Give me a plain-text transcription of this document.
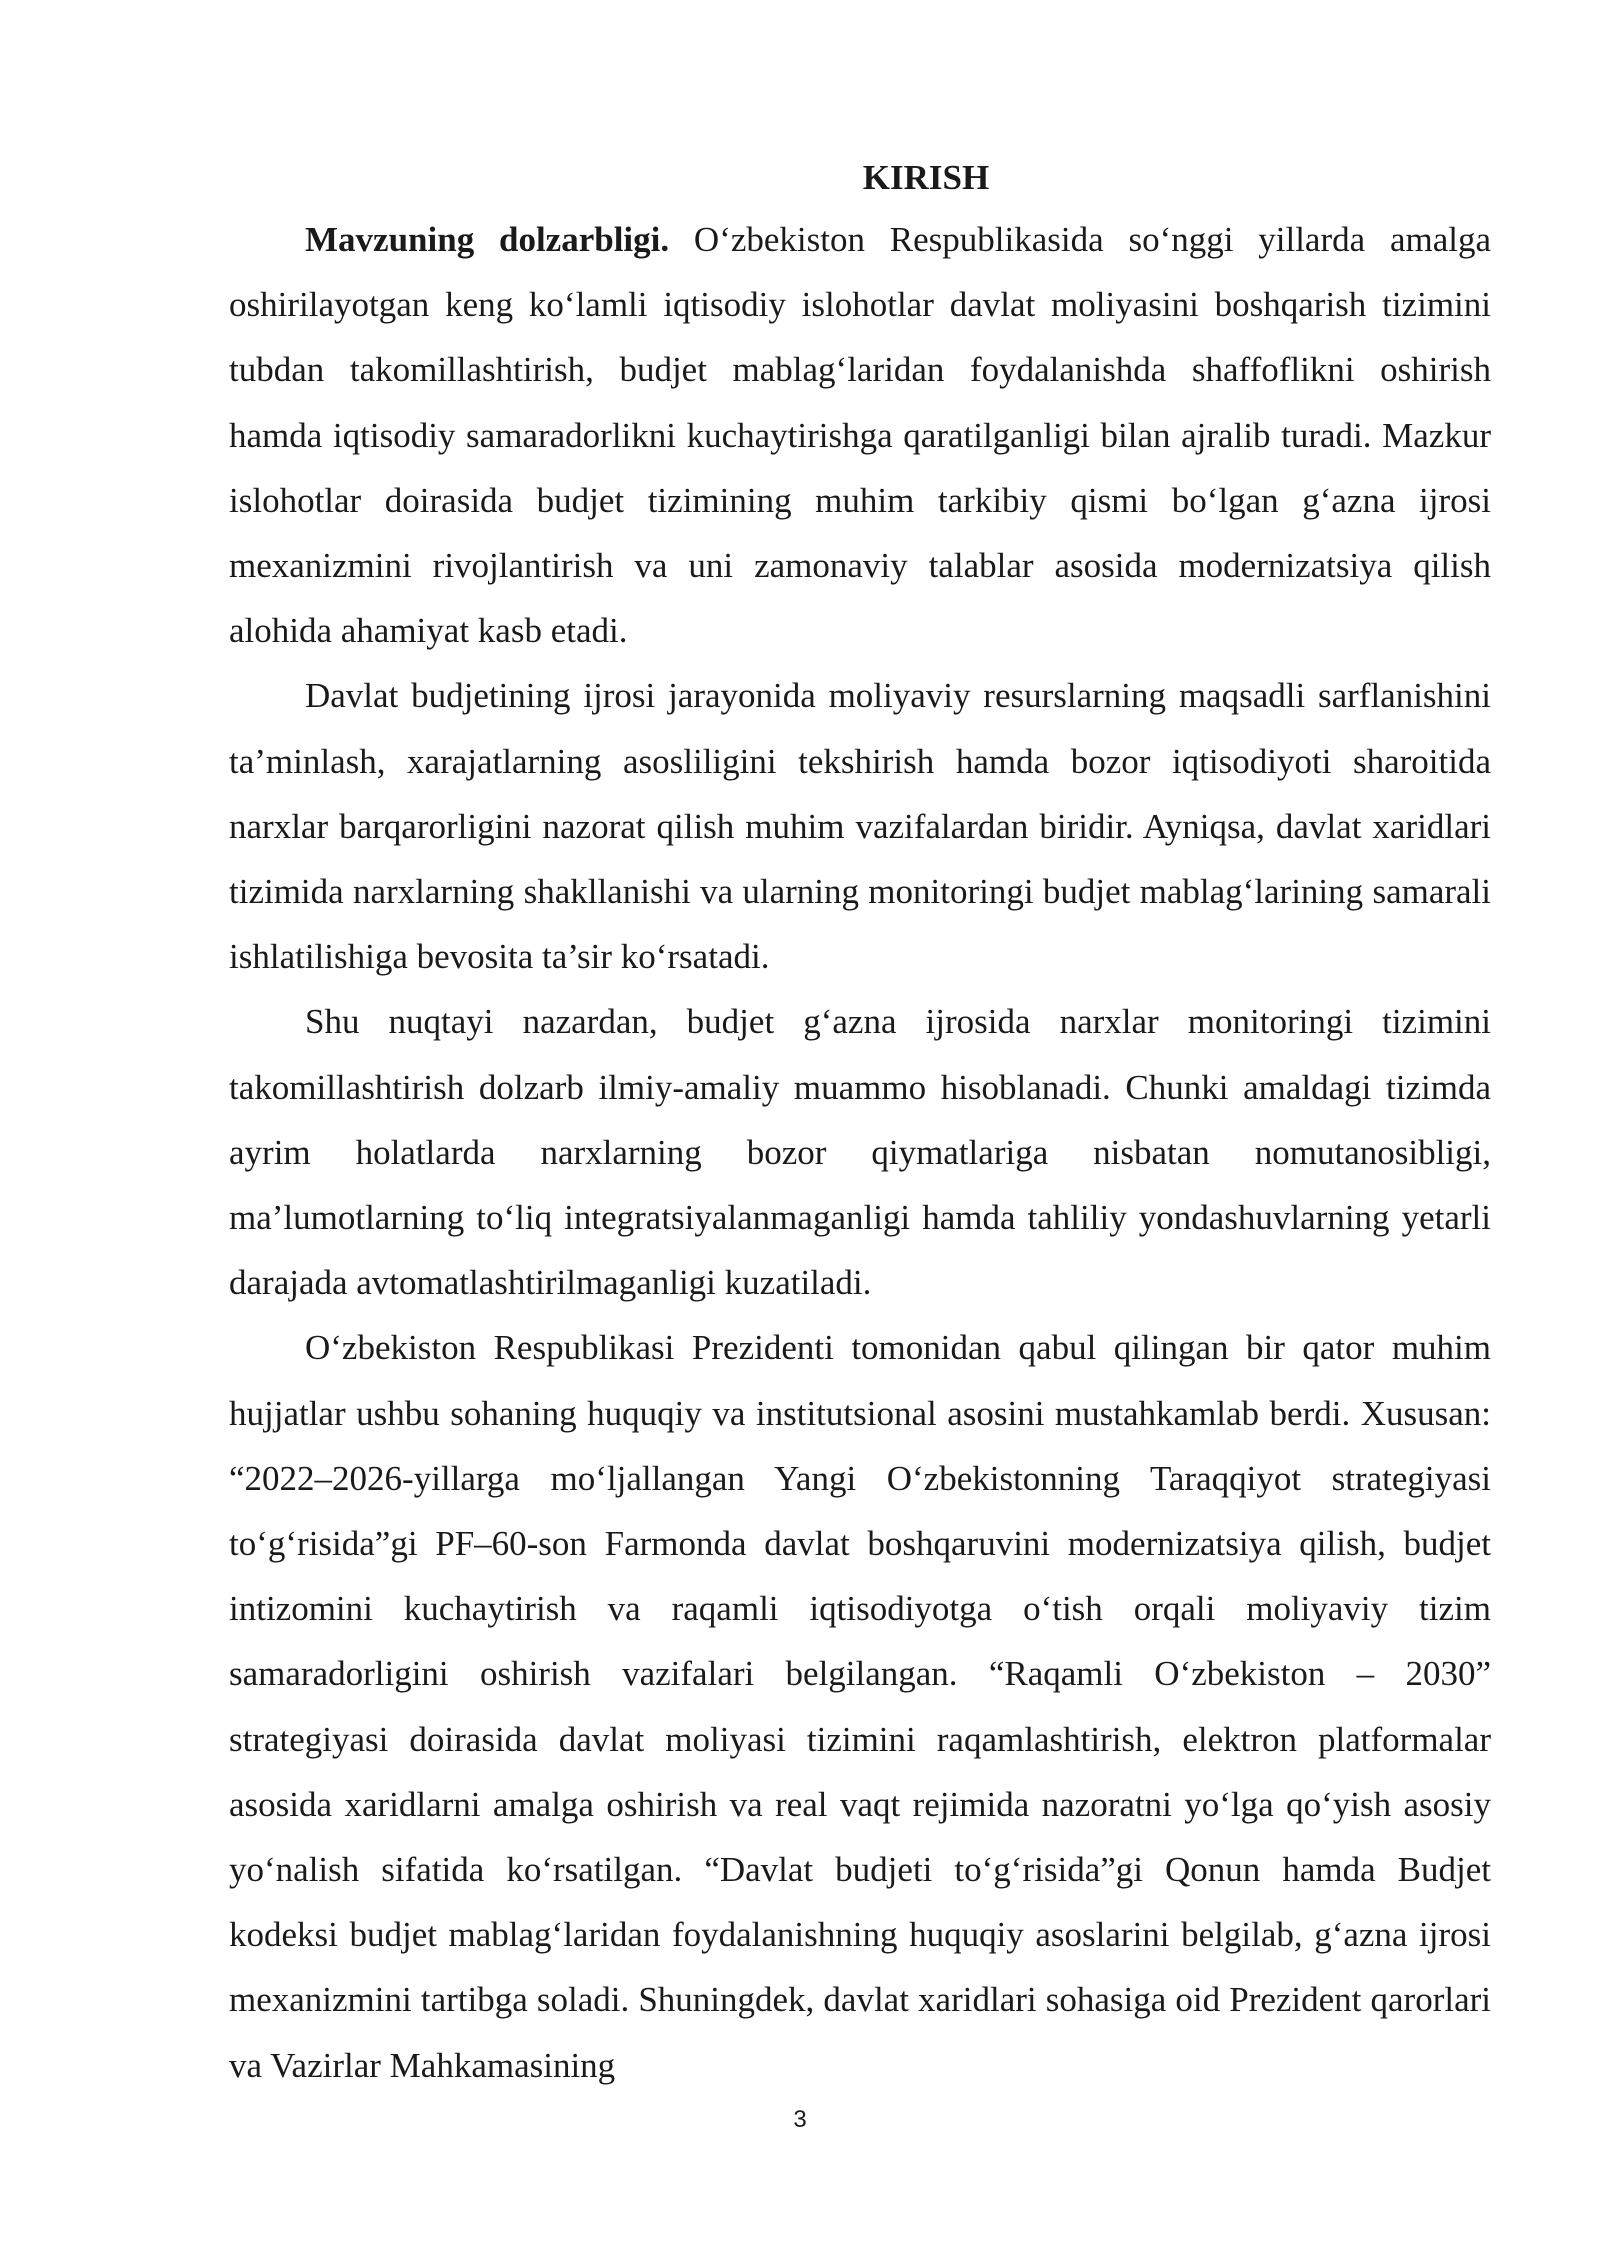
KIRISH

Mavzuning dolzarbligi. O‘zbekiston Respublikasida so‘nggi yillarda amalga oshirilayotgan keng ko‘lamli iqtisodiy islohotlar davlat moliyasini boshqarish tizimini tubdan takomillashtirish, budjet mablag‘laridan foydalanishda shaffoflikni oshirish hamda iqtisodiy samaradorlikni kuchaytirishga qaratilganligi bilan ajralib turadi. Mazkur islohotlar doirasida budjet tizimining muhim tarkibiy qismi bo‘lgan g‘azna ijrosi mexanizmini rivojlantirish va uni zamonaviy talablar asosida modernizatsiya qilish alohida ahamiyat kasb etadi.

Davlat budjetining ijrosi jarayonida moliyaviy resurslarning maqsadli sarflanishini ta’minlash, xarajatlarning asosliligini tekshirish hamda bozor iqtisodiyoti sharoitida narxlar barqarorligini nazorat qilish muhim vazifalardan biridir. Ayniqsa, davlat xaridlari tizimida narxlarning shakllanishi va ularning monitoringi budjet mablag‘larining samarali ishlatilishiga bevosita ta’sir ko‘rsatadi.

Shu nuqtayi nazardan, budjet g‘azna ijrosida narxlar monitoringi tizimini takomillashtirish dolzarb ilmiy-amaliy muammo hisoblanadi. Chunki amaldagi tizimda ayrim holatlarda narxlarning bozor qiymatlariga nisbatan nomutanosibligi, ma’lumotlarning to‘liq integratsiyalanmaganligi hamda tahliliy yondashuvlarning yetarli darajada avtomatlashtirilmaganligi kuzatiladi.

O‘zbekiston Respublikasi Prezidenti tomonidan qabul qilingan bir qator muhim hujjatlar ushbu sohaning huquqiy va institutsional asosini mustahkamlab berdi. Xususan: “2022–2026-yillarga mo‘ljallangan Yangi O‘zbekistonning Taraqqiyot strategiyasi to‘g‘risida”gi PF–60-son Farmonda davlat boshqaruvini modernizatsiya qilish, budjet intizomini kuchaytirish va raqamli iqtisodiyotga o‘tish orqali moliyaviy tizim samaradorligini oshirish vazifalari belgilangan. “Raqamli O‘zbekiston – 2030” strategiyasi doirasida davlat moliyasi tizimini raqamlashtirish, elektron platformalar asosida xaridlarni amalga oshirish va real vaqt rejimida nazoratni yo‘lga qo‘yish asosiy yo‘nalish sifatida ko‘rsatilgan. “Davlat budjeti to‘g‘risida”gi Qonun hamda Budjet kodeksi budjet mablag‘laridan foydalanishning huquqiy asoslarini belgilab, g‘azna ijrosi mexanizmini tartibga soladi. Shuningdek, davlat xaridlari sohasiga oid Prezident qarorlari va Vazirlar Mahkamasining

3
